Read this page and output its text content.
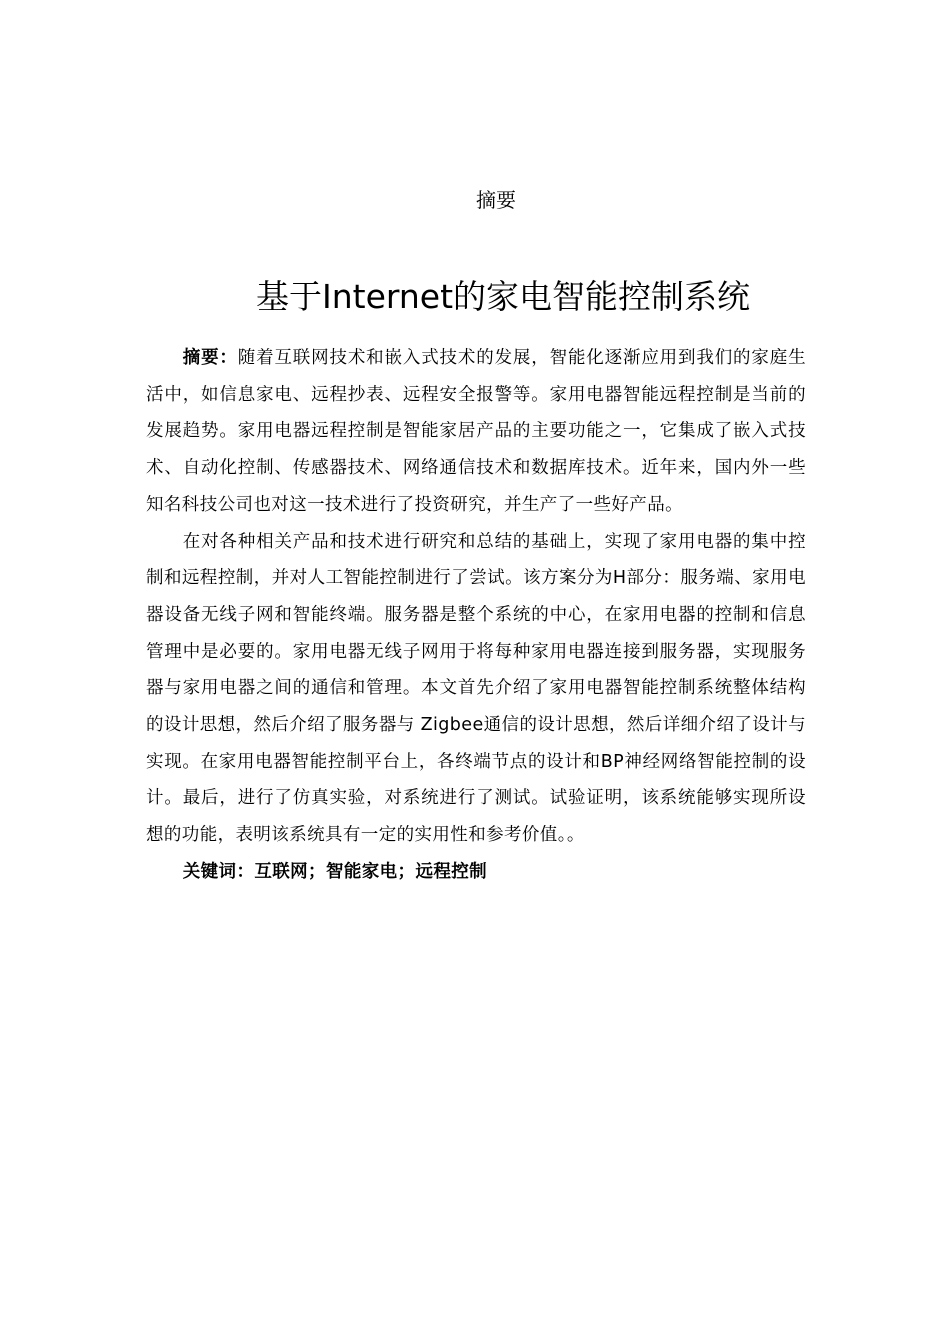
摘要
基于Internet的家电智能控制系统

摘要：随着互联网技术和嵌入式技术的发展，智能化逐渐应用到我们的家庭生活中，如信息家电、远程抄表、远程安全报警等。家用电器智能远程控制是当前的发展趋势。家用电器远程控制是智能家居产品的主要功能之一，它集成了嵌入式技术、自动化控制、传感器技术、网络通信技术和数据库技术。近年来，国内外一些知名科技公司也对这一技术进行了投资研究，并生产了一些好产品。

在对各种相关产品和技术进行研究和总结的基础上，实现了家用电器的集中控制和远程控制，并对人工智能控制进行了尝试。该方案分为H部分：服务端、家用电器设备无线子网和智能终端。服务器是整个系统的中心，在家用电器的控制和信息管理中是必要的。家用电器无线子网用于将每种家用电器连接到服务器，实现服务器与家用电器之间的通信和管理。本文首先介绍了家用电器智能控制系统整体结构的设计思想，然后介绍了服务器与 Zigbee通信的设计思想，然后详细介绍了设计与实现。在家用电器智能控制平台上，各终端节点的设计和BP神经网络智能控制的设计。最后，进行了仿真实验，对系统进行了测试。试验证明，该系统能够实现所设想的功能，表明该系统具有一定的实用性和参考价值。。

关键词：互联网；智能家电；远程控制
